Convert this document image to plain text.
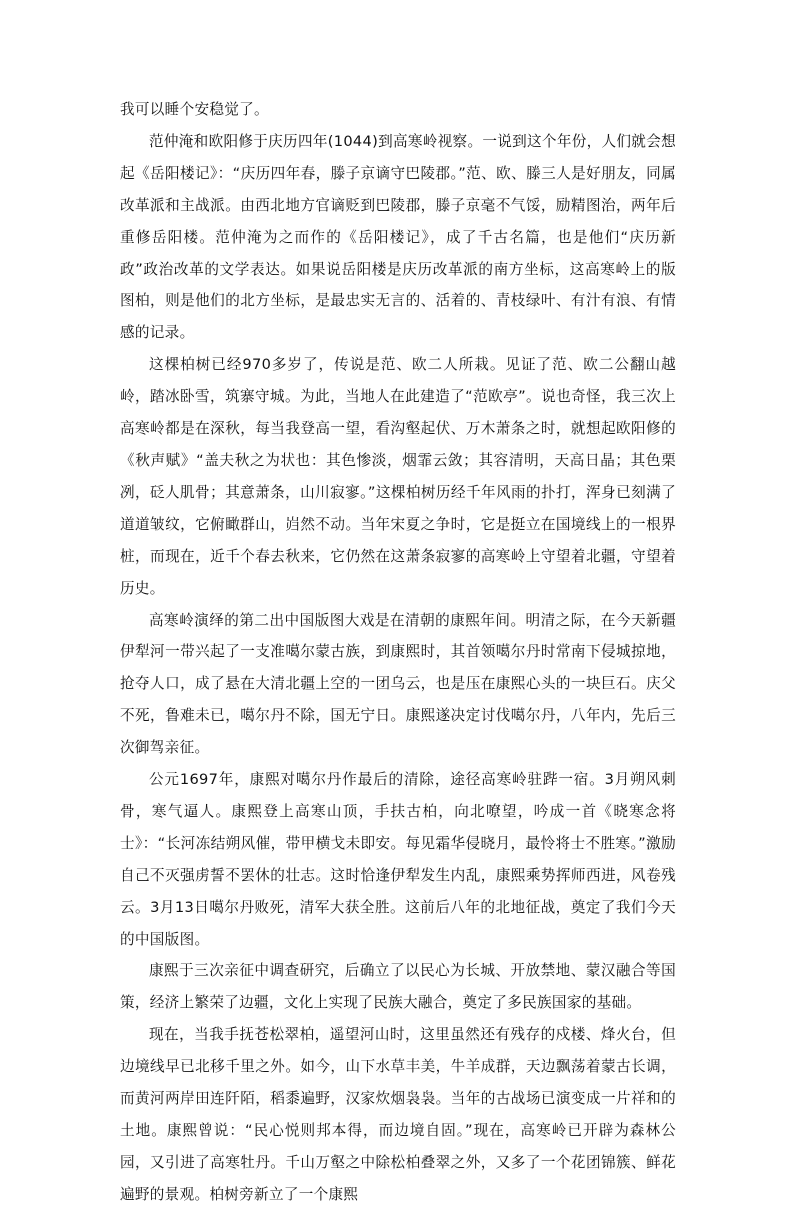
我可以睡个安稳觉了。

范仲淹和欧阳修于庆历四年(1044)到高寒岭视察。一说到这个年份，人们就会想起《岳阳楼记》：“庆历四年春，滕子京谪守巴陵郡。”范、欧、滕三人是好朋友，同属改革派和主战派。由西北地方官谪贬到巴陵郡，滕子京毫不气馁，励精图治，两年后重修岳阳楼。范仲淹为之而作的《岳阳楼记》，成了千古名篇，也是他们“庆历新政”政治改革的文学表达。如果说岳阳楼是庆历改革派的南方坐标，这高寒岭上的版图柏，则是他们的北方坐标，是最忠实无言的、活着的、青枝绿叶、有汁有浪、有情感的记录。

这棵柏树已经970多岁了，传说是范、欧二人所栽。见证了范、欧二公翻山越岭，踏冰卧雪，筑寨守城。为此，当地人在此建造了“范欧亭”。说也奇怪，我三次上高寒岭都是在深秋，每当我登高一望，看沟壑起伏、万木萧条之时，就想起欧阳修的《秋声赋》“盖夫秋之为状也：其色惨淡，烟霏云敛；其容清明，天高日晶；其色栗冽，砭人肌骨；其意萧条，山川寂寥。”这棵柏树历经千年风雨的扑打，浑身已刻满了道道皱纹，它俯瞰群山，岿然不动。当年宋夏之争时，它是挺立在国境线上的一根界桩，而现在，近千个春去秋来，它仍然在这萧条寂寥的高寒岭上守望着北疆，守望着历史。

高寒岭演绎的第二出中国版图大戏是在清朝的康熙年间。明清之际，在今天新疆伊犁河一带兴起了一支准噶尔蒙古族，到康熙时，其首领噶尔丹时常南下侵城掠地，抢夺人口，成了悬在大清北疆上空的一团乌云，也是压在康熙心头的一块巨石。庆父不死，鲁难未已，噶尔丹不除，国无宁日。康熙遂决定讨伐噶尔丹，八年内，先后三次御驾亲征。

公元1697年，康熙对噶尔丹作最后的清除，途径高寒岭驻跸一宿。3月朔风刺骨，寒气逼人。康熙登上高寒山顶，手扶古柏，向北嘹望，吟成一首《晓寒念将士》：“长河冻结朔风催，带甲横戈未即安。每见霜华侵晓月，最怜将士不胜寒。”激励自己不灭强虏誓不罢休的壮志。这时恰逢伊犁发生内乱，康熙乘势挥师西进，风卷残云。3月13日噶尔丹败死，清军大获全胜。这前后八年的北地征战，奠定了我们今天的中国版图。

康熙于三次亲征中调查研究，后确立了以民心为长城、开放禁地、蒙汉融合等国策，经济上繁荣了边疆，文化上实现了民族大融合，奠定了多民族国家的基础。

现在，当我手抚苍松翠柏，遥望河山时，这里虽然还有残存的戍楼、烽火台，但边境线早已北移千里之外。如今，山下水草丰美，牛羊成群，天边飘荡着蒙古长调，而黄河两岸田连阡陌，稻黍遍野，汉家炊烟袅袅。当年的古战场已演变成一片祥和的土地。康熙曾说：“民心悦则邦本得，而边境自固。”现在，高寒岭已开辟为森林公园，又引进了高寒牡丹。千山万壑之中除松柏叠翠之外，又多了一个花团锦簇、鲜花遍野的景观。柏树旁新立了一个康熙
